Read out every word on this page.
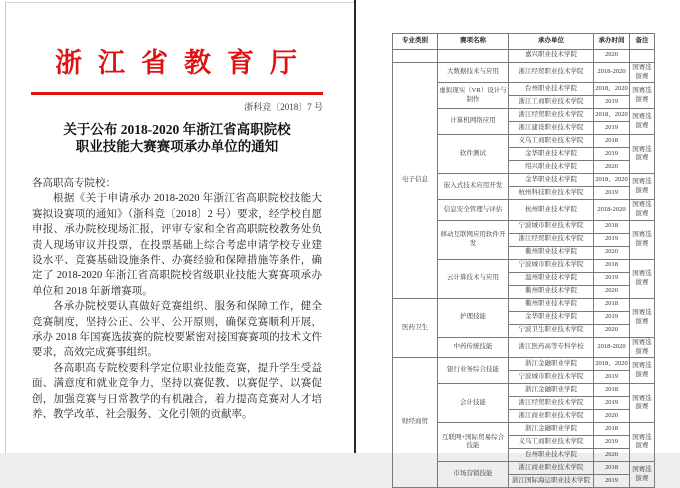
浙江省教育厅
浙科竞〔2018〕7 号
关于公布 2018-2020 年浙江省高职院校
职业技能大赛赛项承办单位的通知

各高职高专院校：

根据《关于申请承办 2018-2020 年浙江省高职院校技能大赛拟设赛项的通知》（浙科竞〔2018〕2 号）要求，经学校自愿申报、承办院校现场汇报，评审专家和全省高职院校教务处负责人现场审议并投票，在投票基础上综合考虑申请学校专业建设水平、竞赛基础设施条件、办赛经验和保障措施等条件，确定了 2018-2020 年浙江省高职院校省级职业技能大赛赛项承办单位和 2018 年新增赛项。

各承办院校要认真做好竞赛组织、服务和保障工作，健全竞赛制度，坚持公正、公平、公开原则，确保竞赛顺利开展，承办 2018 年国赛选拔赛的院校要紧密对接国赛赛项的技术文件要求，高效完成赛事组织。

各高职高专院校要科学定位职业技能竞赛，提升学生受益面、满意度和就业竞争力，坚持以赛促教、以赛促学、以赛促创，加强竞赛与日常教学的有机融合，着力提高竞赛对人才培养、教学改革、社会服务、文化引领的贡献率。

专业类别	赛项名称	承办单位	承办时间	备注
		嘉兴职业技术学院	2020	
电子信息	大数据技术与应用	浙江经贸职业技术学院	2018-2020	国赛选拔赛
	虚拟现实（VR）设计与制作	台州职业技术学院	2018、2020	国赛选拔赛
		浙江工商职业技术学院	2019	
	计算机网络应用	浙江经贸职业技术学院	2018、2020	国赛选拔赛
		浙江建设职业技术学院	2019	
	软件测试	义乌工商职业技术学院	2018	国赛选拔赛
		金华职业技术学院	2019	
		绍兴职业技术学院	2020	
	嵌入式技术应用开发	金华职业技术学院	2018、2020	国赛选拔赛
		杭州科技职业技术学院	2019	
	信息安全管理与评估	杭州职业技术学院	2018-2020	国赛选拔赛
	移动互联网应用软件开发	宁波城市职业技术学院	2018	国赛选拔赛
		浙江经贸职业技术学院	2019	
		衢州职业技术学院	2020	
	云计算技术与应用	宁波城市职业技术学院	2018	国赛选拔赛
		温州职业技术学院	2019	
		衢州职业技术学院	2020	
医药卫生	护理技能	衢州职业技术学院	2018	国赛选拔赛
		金华职业技术学院	2019	
		宁波卫生职业技术学院	2020	
	中药传统技能	浙江医药高等专科学校	2018-2020	国赛选拔赛
财经商贸	银行业务综合技能	浙江金融职业学院	2018、2020	国赛选拔赛
		宁波城市职业技术学院	2019	
	会计技能	浙江金融职业学院	2018	国赛选拔赛
		浙江经贸职业技术学院	2019	
		浙江商业职业技术学院	2020	
	互联网+国际贸易综合技能	浙江金融职业学院	2018	国赛选拔赛
		义乌工商职业技术学院	2019	
		台州职业技术学院	2020	
	市场营销技能	浙江商业职业技术学院	2018	国赛选拔赛
		浙江国际海运职业技术学院	2019	
